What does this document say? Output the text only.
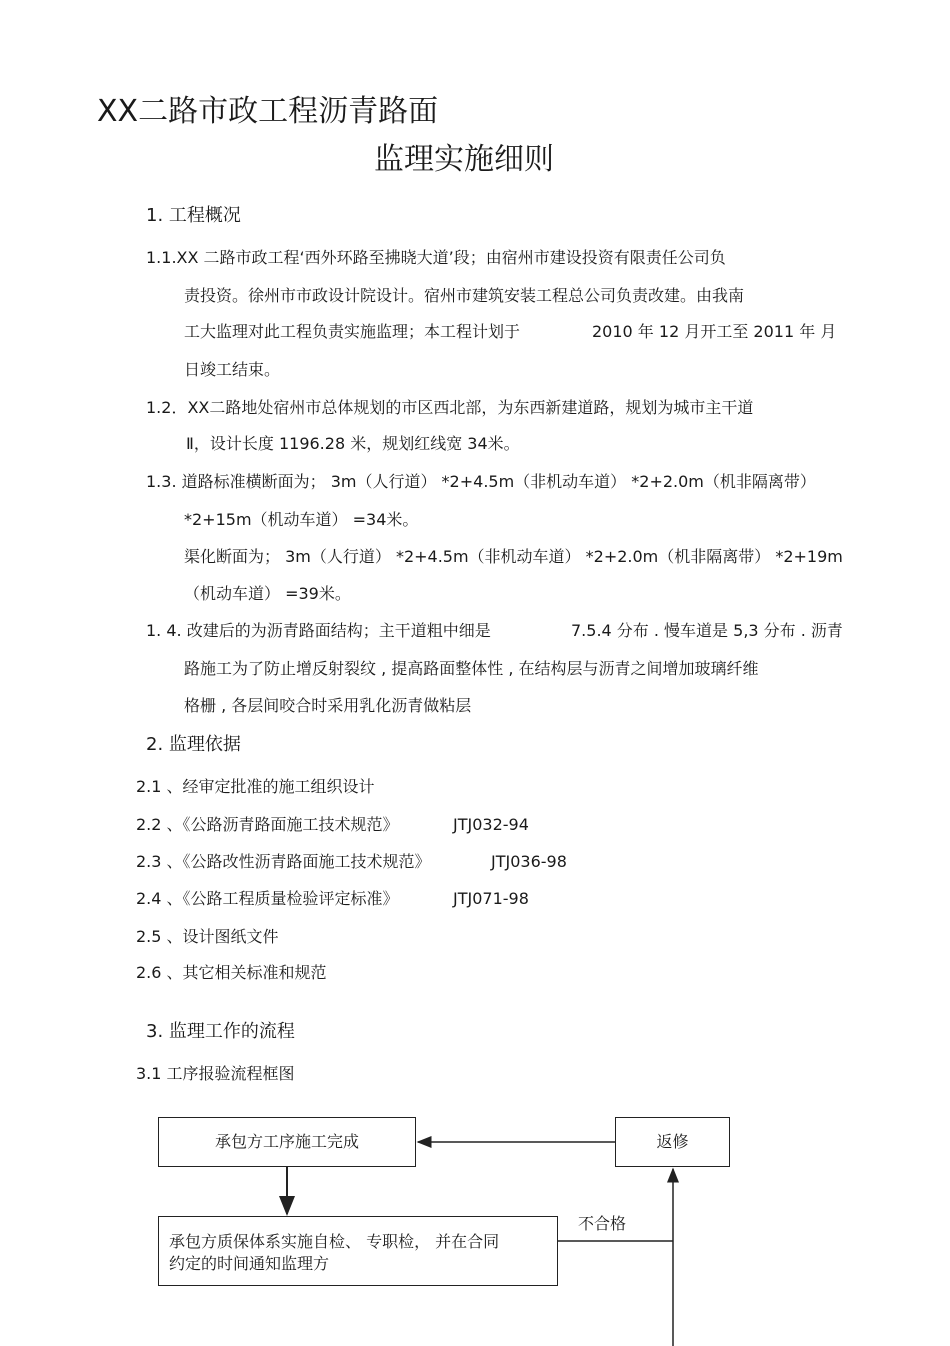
XX二路市政工程沥青路面
监理实施细则
1. 工程概况
1.1.XX 二路市政工程‘西外环路至拂晓大道’段；由宿州市建设投资有限责任公司负
责投资。徐州市市政设计院设计。宿州市建筑安装工程总公司负责改建。由我南
工大监理对此工程负责实施监理；本工程计划于	2010 年 12 月开工至 2011 年 月
日竣工结束。
1.2．XX二路地处宿州市总体规划的市区西北部，为东西新建道路，规划为城市主干道
Ⅱ，设计长度 1196.28 米，规划红线宽 34米。
1.3. 道路标准横断面为； 3m（人行道） *2+4.5m（非机动车道） *2+2.0m（机非隔离带）
*2+15m（机动车道） =34米。
渠化断面为； 3m（人行道） *2+4.5m（非机动车道） *2+2.0m（机非隔离带） *2+19m
（机动车道） =39米。
1. 4. 改建后的为沥青路面结构；主干道粗中细是	7.5.4 分布 . 慢车道是 5,3 分布 . 沥青
路施工为了防止增反射裂纹 , 提高路面整体性 , 在结构层与沥青之间增加玻璃纤维
格栅 , 各层间咬合时采用乳化沥青做粘层
2. 监理依据
2.1 、经审定批准的施工组织设计
2.2 、《公路沥青路面施工技术规范》	JTJ032-94
2.3 、《公路改性沥青路面施工技术规范》	JTJ036-98
2.4 、《公路工程质量检验评定标准》	JTJ071-98
2.5 、设计图纸文件
2.6 、其它相关标准和规范
3. 监理工作的流程
3.1 工序报验流程框图
承包方工序施工完成	返修
承包方质保体系实施自检、 专职检， 并在合同
约定的时间通知监理方
不合格
